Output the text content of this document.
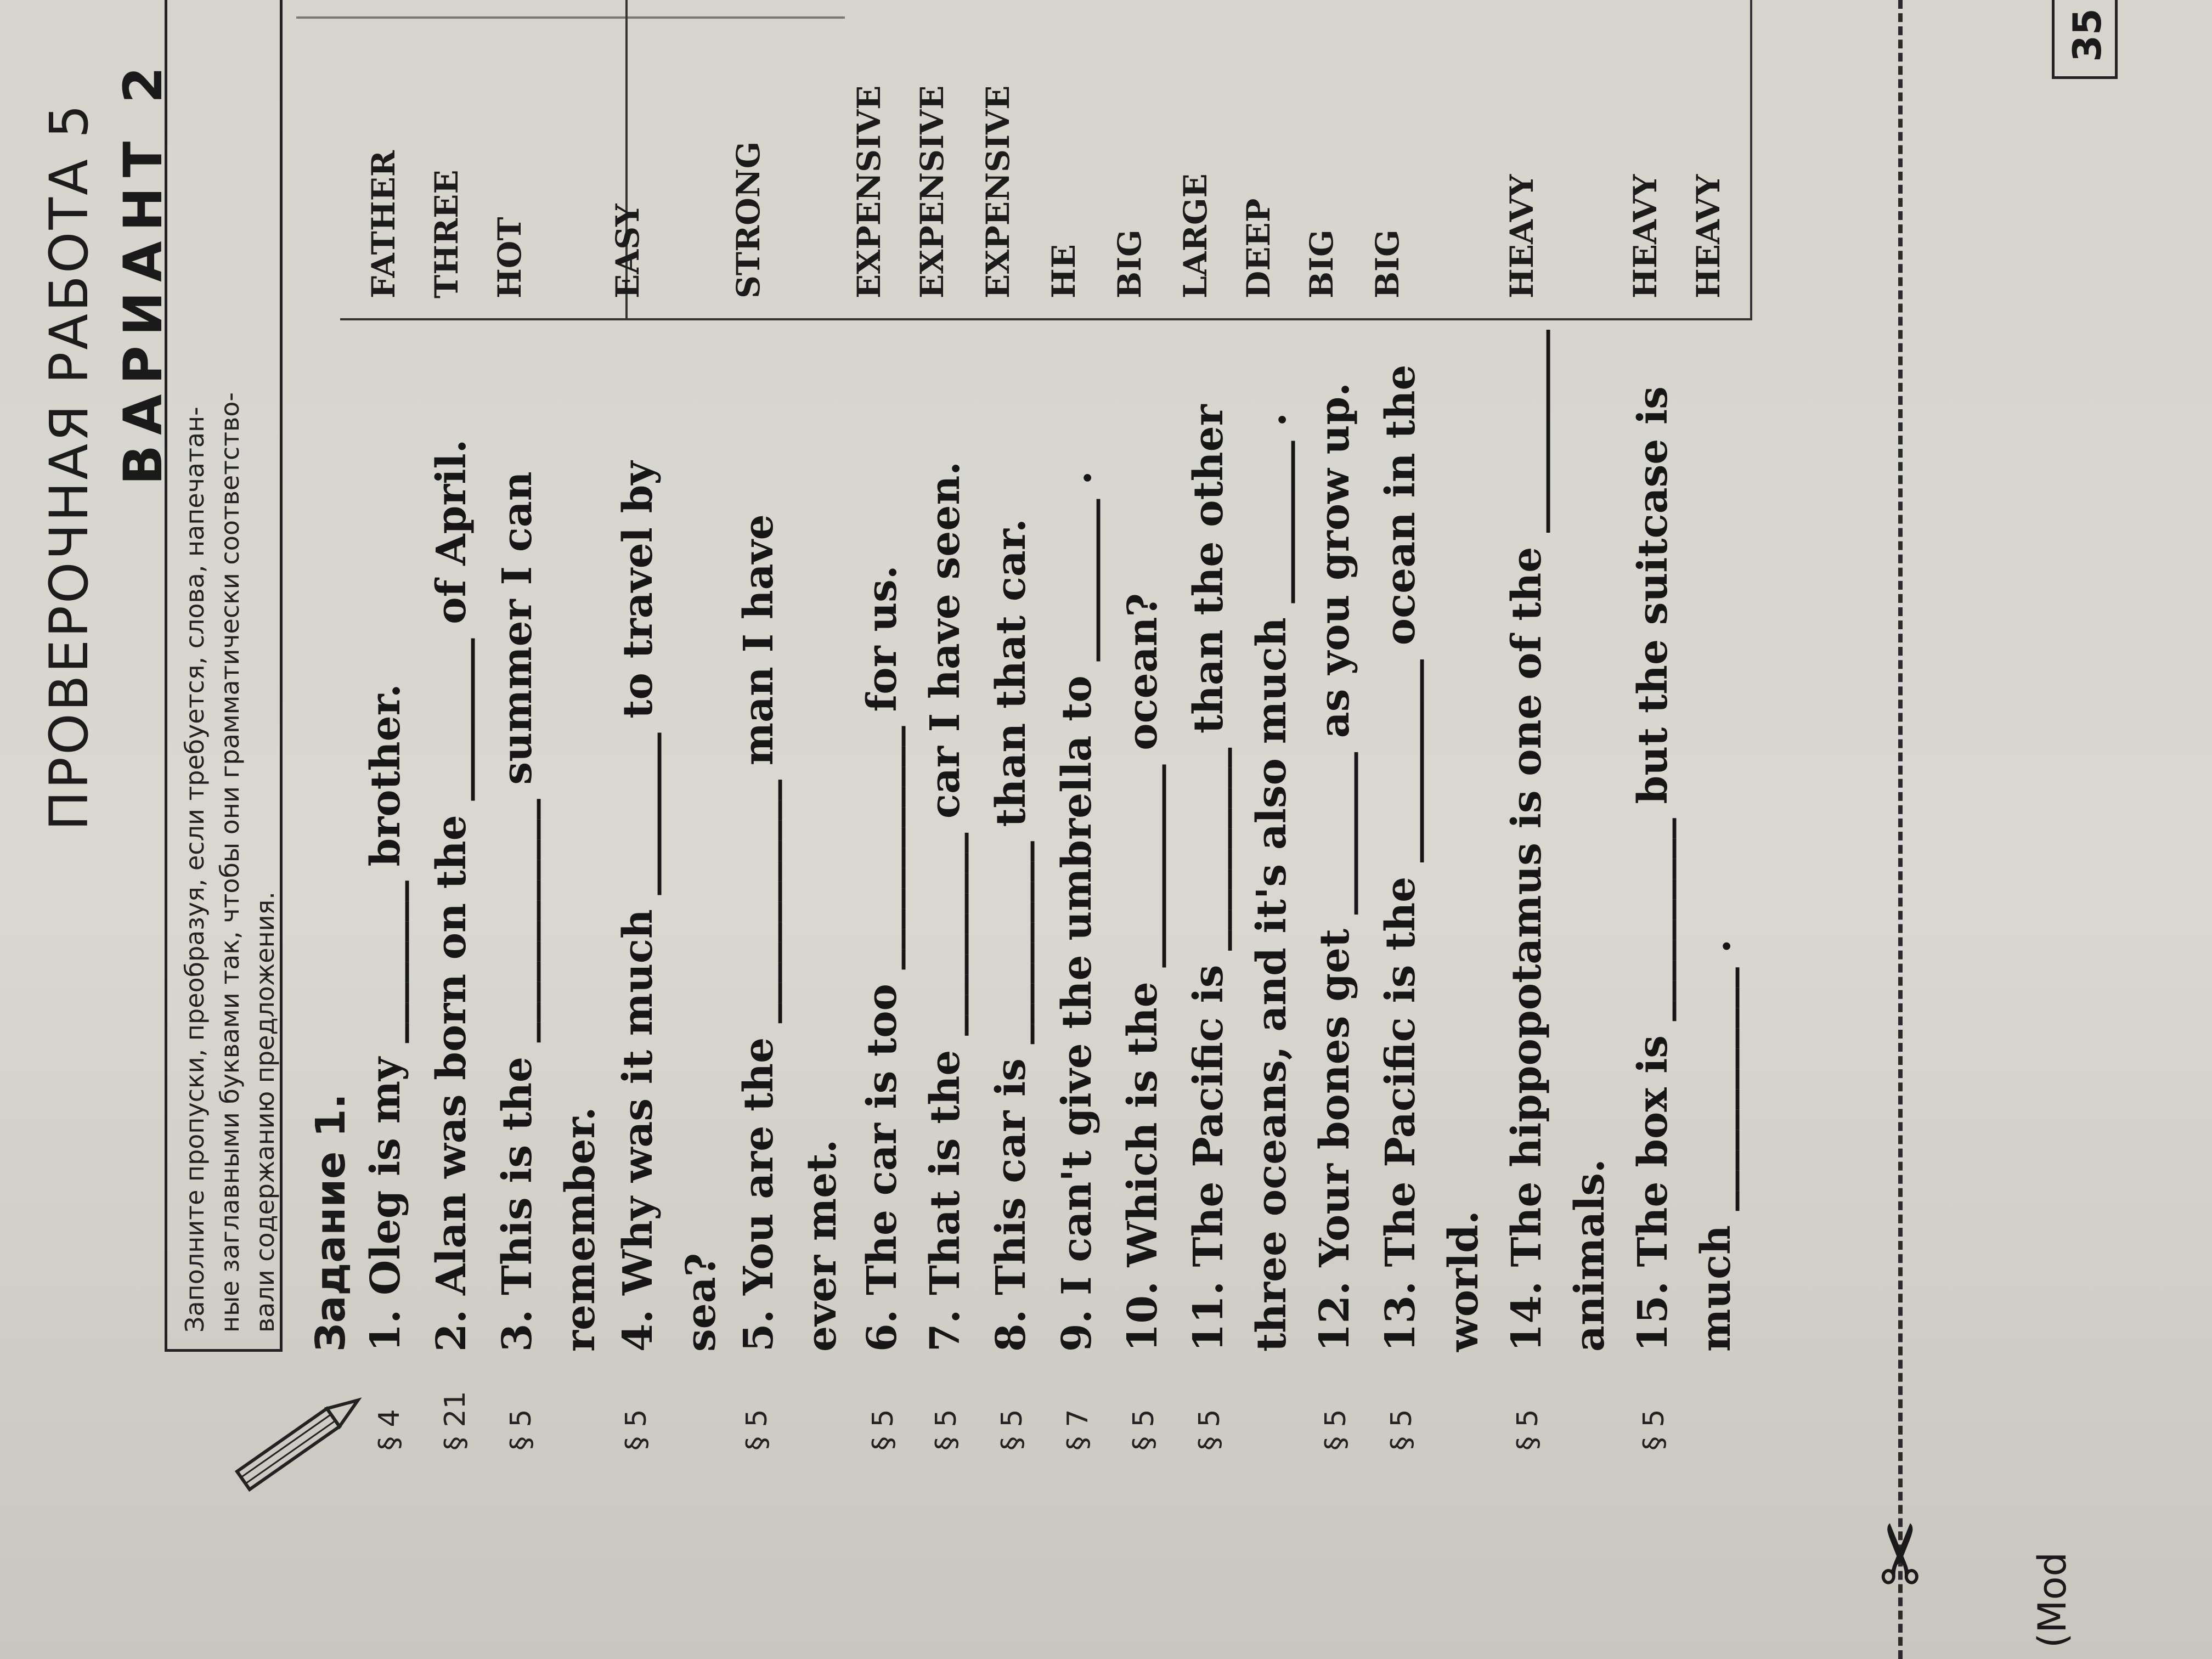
ПРОВЕРОЧНАЯ РАБОТА 5 ВАРИАНТ 2
Заполните пропуски, преобразуя, если требуется, слова, напечатан- ные заглавными буквами так, чтобы они грамматически соответство- вали содержанию предложения. Задание 1.
§ 4
1. Oleg is my ________ brother.
FATHER
§ 21
2. Alan was born on the ________ of April.
THREE
§ 5
3. This is the ____________ summer I can remember.
HOT
§ 5
4. Why was it much ________ to travel by sea?
EASY
§ 5
5. You are the ____________ man I have ever met.
STRONG
§ 5
6. The car is too ____________ for us.
EXPENSIVE
§ 5
7. That is the __________ car I have seen.
EXPENSIVE
§ 5
8. This car is __________ than that car.
EXPENSIVE
§ 7
9. I can't give the umbrella to ________ .
HE
§ 5
10. Which is the __________ ocean?
BIG
§ 5
11. The Pacific is __________ than the other three oceans, and it's also much ________ .
LARGE DEEP
§ 5
12. Your bones get ________ as you grow up.
BIG
§ 5
13. The Pacific is the __________ ocean in the world.
BIG
§ 5
14. The hippopotamus is one of the __________ animals.
HEAVY
§ 5
15. The box is __________ but the suitcase is much ____________ .
HEAVY HEAVY
✂ (Mod
35
